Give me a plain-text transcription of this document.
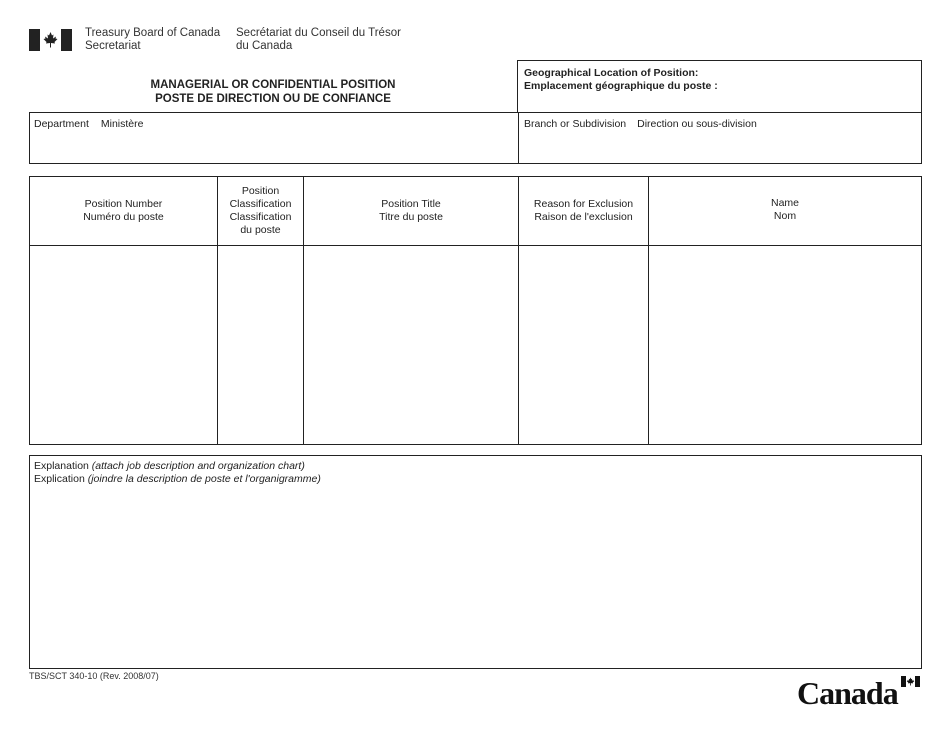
Treasury Board of Canada
Secretariat
Secrétariat du Conseil du Trésor
du Canada
MANAGERIAL OR CONFIDENTIAL POSITION
POSTE DE DIRECTION OU DE CONFIANCE
Geographical Location of Position:
Emplacement géographique du poste :
Department Ministère	Branch or Subdivision Direction ou sous-division
Position Number
Numéro du poste
Position
Classification
Classification
du poste
Position Title
Titre du poste
Reason for Exclusion
Raison de l'exclusion
Name
Nom
Explanation (attach job description and organization chart)
Explication (joindre la description de poste et l'organigramme)
TBS/SCT 340-10 (Rev. 2008/07)	Canada
